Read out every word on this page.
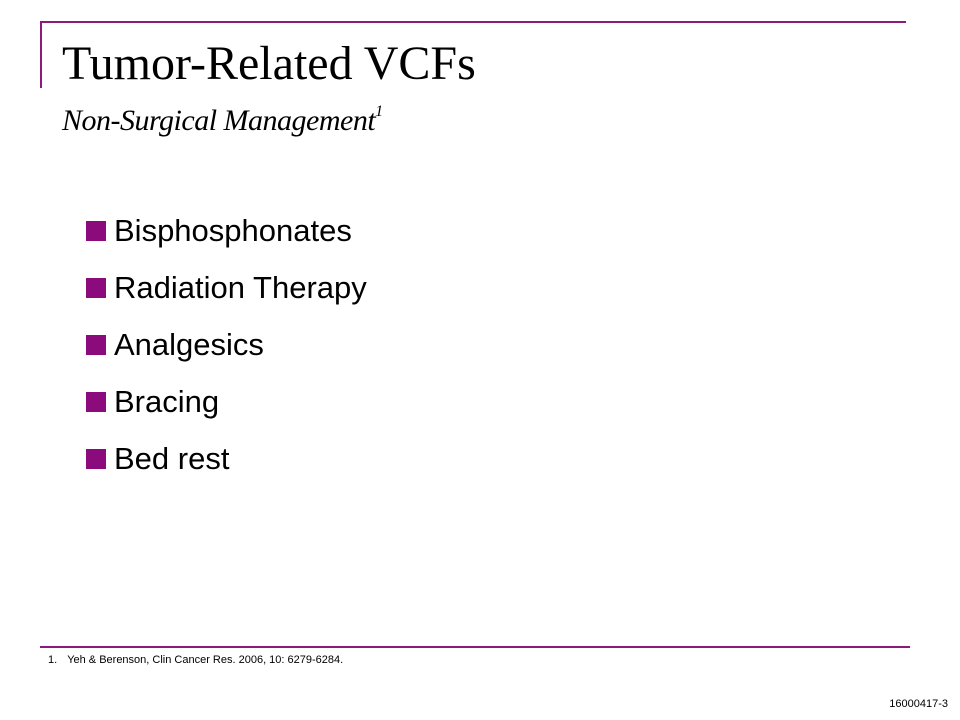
Tumor-Related VCFs
Non-Surgical Management$^1$
Bisphosphonates
Radiation Therapy
Analgesics
Bracing
Bed rest
1. Yeh & Berenson, Clin Cancer Res. 2006, 10: 6279-6284.
16000417-3
